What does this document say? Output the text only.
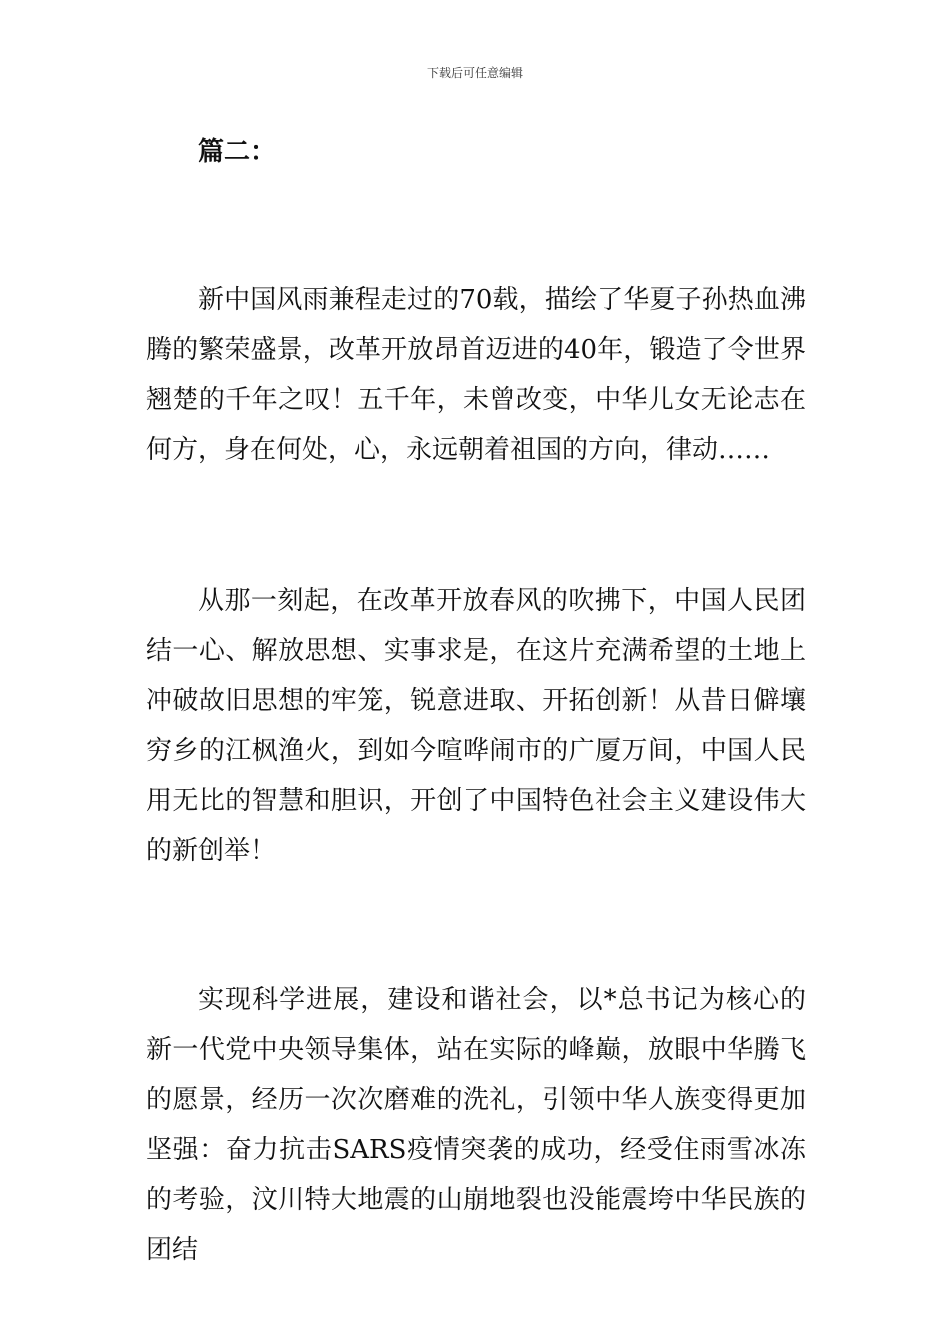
下载后可任意编辑

篇二：

新中国风雨兼程走过的70载，描绘了华夏子孙热血沸腾的繁荣盛景，改革开放昂首迈进的40年，锻造了令世界翘楚的千年之叹！五千年，未曾改变，中华儿女无论志在何方，身在何处，心，永远朝着祖国的方向，律动……

从那一刻起，在改革开放春风的吹拂下，中国人民团结一心、解放思想、实事求是，在这片充满希望的土地上冲破故旧思想的牢笼，锐意进取、开拓创新！从昔日僻壤穷乡的江枫渔火，到如今喧哗闹市的广厦万间，中国人民用无比的智慧和胆识，开创了中国特色社会主义建设伟大的新创举！

实现科学进展，建设和谐社会，以*总书记为核心的新一代党中央领导集体，站在实际的峰巅，放眼中华腾飞的愿景，经历一次次磨难的洗礼，引领中华人族变得更加坚强：奋力抗击SARS疫情突袭的成功，经受住雨雪冰冻的考验，汶川特大地震的山崩地裂也没能震垮中华民族的团结
